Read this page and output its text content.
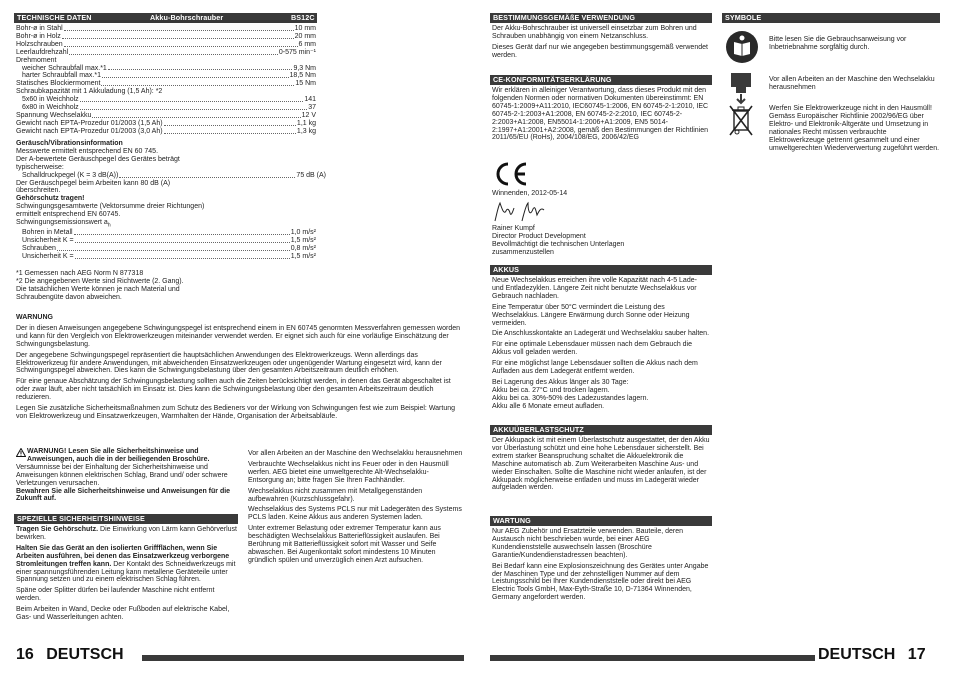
TECHNISCHE DATEN	Akku-Bohrschrauber	BS12C
Bohr-ø in Stahl	10 mm
Bohr-ø in Holz	20 mm
Holzschrauben	6 mm
Leerlaufdrehzahl	0-575 min⁻¹
Drehmoment
weicher Schraubfall max.*1	9,3 Nm
harter Schraubfall max.*1	18,5 Nm
Statisches Blockiermoment	15 Nm
Schraubkapazität mit 1 Akkuladung (1,5 Ah): *2
5x60 in Weichholz	141
6x80 in Weichholz	37
Spannung Wechselakku	12 V
Gewicht nach EPTA-Prozedur 01/2003 (1,5 Ah)	1,1 kg
Gewicht nach EPTA-Prozedur 01/2003 (3,0 Ah)	1,3 kg
Geräusch/Vibrationsinformation
Messwerte ermittelt entsprechend EN 60 745.
Der A-bewertete Geräuschpegel des Gerätes beträgt
typischerweise:
Schalldruckpegel (K = 3 dB(A))	75 dB (A)
Der Geräuschpegel beim Arbeiten kann 80 dB (A)
überschreiten.
Gehörschutz tragen!
Schwingungsgesamtwerte (Vektorsumme dreier Richtungen)
ermittelt entsprechend EN 60745.
Schwingungsemissionswert $a_h$
Bohren in Metall	1,0 m/s²
Unsicherheit K =	1,5 m/s²
Schrauben	0,8 m/s²
Unsicherheit K =	1,5 m/s²
*1 Gemessen nach AEG Norm N 877318
*2 Die angegebenen Werte sind Richtwerte (2. Gang).
Die tatsächlichen Werte können je nach Material und
Schraubengüte davon abweichen.
WARNUNG
Der in diesen Anweisungen angegebene Schwingungspegel ist entsprechend einem in EN 60745 genormten Messverfahren gemessen worden und kann für den Vergleich von Elektrowerkzeugen miteinander verwendet werden. Er eignet sich auch für eine vorläufige Einschätzung der Schwingungsbelastung.
Der angegebene Schwingungspegel repräsentiert die hauptsächlichen Anwendungen des Elektrowerkzeugs. Wenn allerdings das Elektrowerkzeug für andere Anwendungen, mit abweichenden Einsatzwerkzeugen oder ungenügender Wartung eingesetzt wird, kann der Schwingungspegel abweichen. Dies kann die Schwingungsbelastung über den gesamten Arbeitszeitraum deutlich erhöhen.
Für eine genaue Abschätzung der Schwingungsbelastung sollten auch die Zeiten berücksichtigt werden, in denen das Gerät abgeschaltet ist oder zwar läuft, aber nicht tatsächlich im Einsatz ist. Dies kann die Schwingungsbelastung über den gesamten Arbeitszeitraum deutlich reduzieren.
Legen Sie zusätzliche Sicherheitsmaßnahmen zum Schutz des Bedieners vor der Wirkung von Schwingungen fest wie zum Beispiel: Wartung von Elektrowerkzeug und Einsatzwerkzeugen, Warmhalten der Hände, Organisation der Arbeitsabläufe.
WARNUNG! Lesen Sie alle Sicherheitshinweise und Anweisungen, auch die in der beiliegenden Broschüre.
Versäumnisse bei der Einhaltung der Sicherheitshinweise und Anweisungen können elektrischen Schlag, Brand und/ oder schwere Verletzungen verursachen.
Bewahren Sie alle Sicherheitshinweise und Anweisungen für die Zukunft auf.
SPEZIELLE SICHERHEITSHINWEISE
Tragen Sie Gehörschutz. Die Einwirkung von Lärm kann Gehörverlust bewirken.
Halten Sie das Gerät an den isolierten Griffflächen, wenn Sie Arbeiten ausführen, bei denen das Einsatzwerkzeug verborgene Stromleitungen treffen kann. Der Kontakt des Schneidwerkzeugs mit einer spannungsführenden Leitung kann metallene Geräteteile unter Spannung setzen und zu einem elektrischen Schlag führen.
Späne oder Splitter dürfen bei laufender Maschine nicht entfernt werden.
Beim Arbeiten in Wand, Decke oder Fußboden auf elektrische Kabel, Gas- und Wasserleitungen achten.
Vor allen Arbeiten an der Maschine den Wechselakku herausnehmen
Verbrauchte Wechselakkus nicht ins Feuer oder in den Hausmüll werfen. AEG bietet eine umweltgerechte Alt-Wechselakku-Entsorgung an; bitte fragen Sie Ihren Fachhändler.
Wechselakkus nicht zusammen mit Metallgegenständen aufbewahren (Kurzschlussgefahr).
Wechselakkus des Systems PCLS nur mit Ladegeräten des Systems PCLS laden. Keine Akkus aus anderen Systemen laden.
Unter extremer Belastung oder extremer Temperatur kann aus beschädigten Wechselakkus Batterieflüssigkeit auslaufen. Bei Berührung mit Batterieflüssigkeit sofort mit Wasser und Seife abwaschen. Bei Augenkontakt sofort mindestens 10 Minuten gründlich spülen und unverzüglich einen Arzt aufsuchen.
16 DEUTSCH
BESTIMMUNGSGEMÄßE VERWENDUNG
Der Akku-Bohrschrauber ist universell einsetzbar zum Bohren und Schrauben unabhängig von einem Netzanschluss.
Dieses Gerät darf nur wie angegeben bestimmungsgemäß verwendet werden.
CE-KONFORMITÄTSERKLÄRUNG
Wir erklären in alleiniger Verantwortung, dass dieses Produkt mit den folgenden Normen oder normativen Dokumenten übereinstimmt: EN 60745-1:2009+A11:2010, IEC60745-1:2006, EN 60745-2-1:2010, IEC 60745-2-1:2003+A1:2008, EN 60745-2-2:2010, IEC 60745-2-2:2003+A1:2008, EN55014-1:2006+A1:2009, EN5 5014-2:1997+A1:2001+A2:2008, gemäß den Bestimmungen der Richtlinien 2011/65/EU (RoHs), 2004/108/EG, 2006/42/EG
Winnenden, 2012-05-14
Rainer Kumpf
Director Product Development
Bevollmächtigt die technischen Unterlagen
zusammenzustellen
AKKUS
Neue Wechselakkus erreichen ihre volle Kapazität nach 4-5 Lade- und Entladezyklen. Längere Zeit nicht benutzte Wechselakkus vor Gebrauch nachladen.
Eine Temperatur über 50°C vermindert die Leistung des Wechselakkus. Längere Erwärmung durch Sonne oder Heizung vermeiden.
Die Anschlusskontakte an Ladegerät und Wechselakku sauber halten.
Für eine optimale Lebensdauer müssen nach dem Gebrauch die Akkus voll geladen werden.
Für eine möglichst lange Lebensdauer sollten die Akkus nach dem Aufladen aus dem Ladegerät entfernt werden.
Bei Lagerung des Akkus länger als 30 Tage:
Akku bei ca. 27°C und trocken lagern.
Akku bei ca. 30%-50% des Ladezustandes lagern.
Akku alle 6 Monate erneut aufladen.
AKKUÜBERLASTSCHUTZ
Der Akkupack ist mit einem Überlastschutz ausgestattet, der den Akku vor Überlastung schützt und eine hohe Lebensdauer sicherstellt. Bei extrem starker Beanspruchung schaltet die Akkuelektronik die Maschine automatisch ab. Zum Weiterarbeiten Maschine Aus- und wieder Einschalten. Sollte die Maschine nicht wieder anlaufen, ist der Akkupack möglicherweise entladen und muss im Ladegerät wieder aufgeladen werden.
WARTUNG
Nur AEG Zubehör und Ersatzteile verwenden. Bauteile, deren Austausch nicht beschrieben wurde, bei einer AEG Kundendienststelle auswechseln lassen (Broschüre Garantie/Kundendienstadressen beachten).
Bei Bedarf kann eine Explosionszeichnung des Gerätes unter Angabe der Maschinen Type und der zehnstelligen Nummer auf dem Leistungsschild bei Ihrer Kundendienststelle oder direkt bei AEG Electric Tools GmbH, Max-Eyth-Straße 10, D-71364 Winnenden, Germany angefordert werden.
SYMBOLE
Bitte lesen Sie die Gebrauchsanweisung vor Inbetriebnahme sorgfältig durch.
Vor allen Arbeiten an der Maschine den Wechselakku herausnehmen
Werfen Sie Elektrowerkzeuge nicht in den Hausmüll! Gemäss Europäischer Richtlinie 2002/96/EG über Elektro- und Elektronik-Altgeräte und Umsetzung in nationales Recht müssen verbrauchte Elektrowerkzeuge getrennt gesammelt und einer umweltgerechten Wiederverwertung zugeführt werden.
DEUTSCH 17
